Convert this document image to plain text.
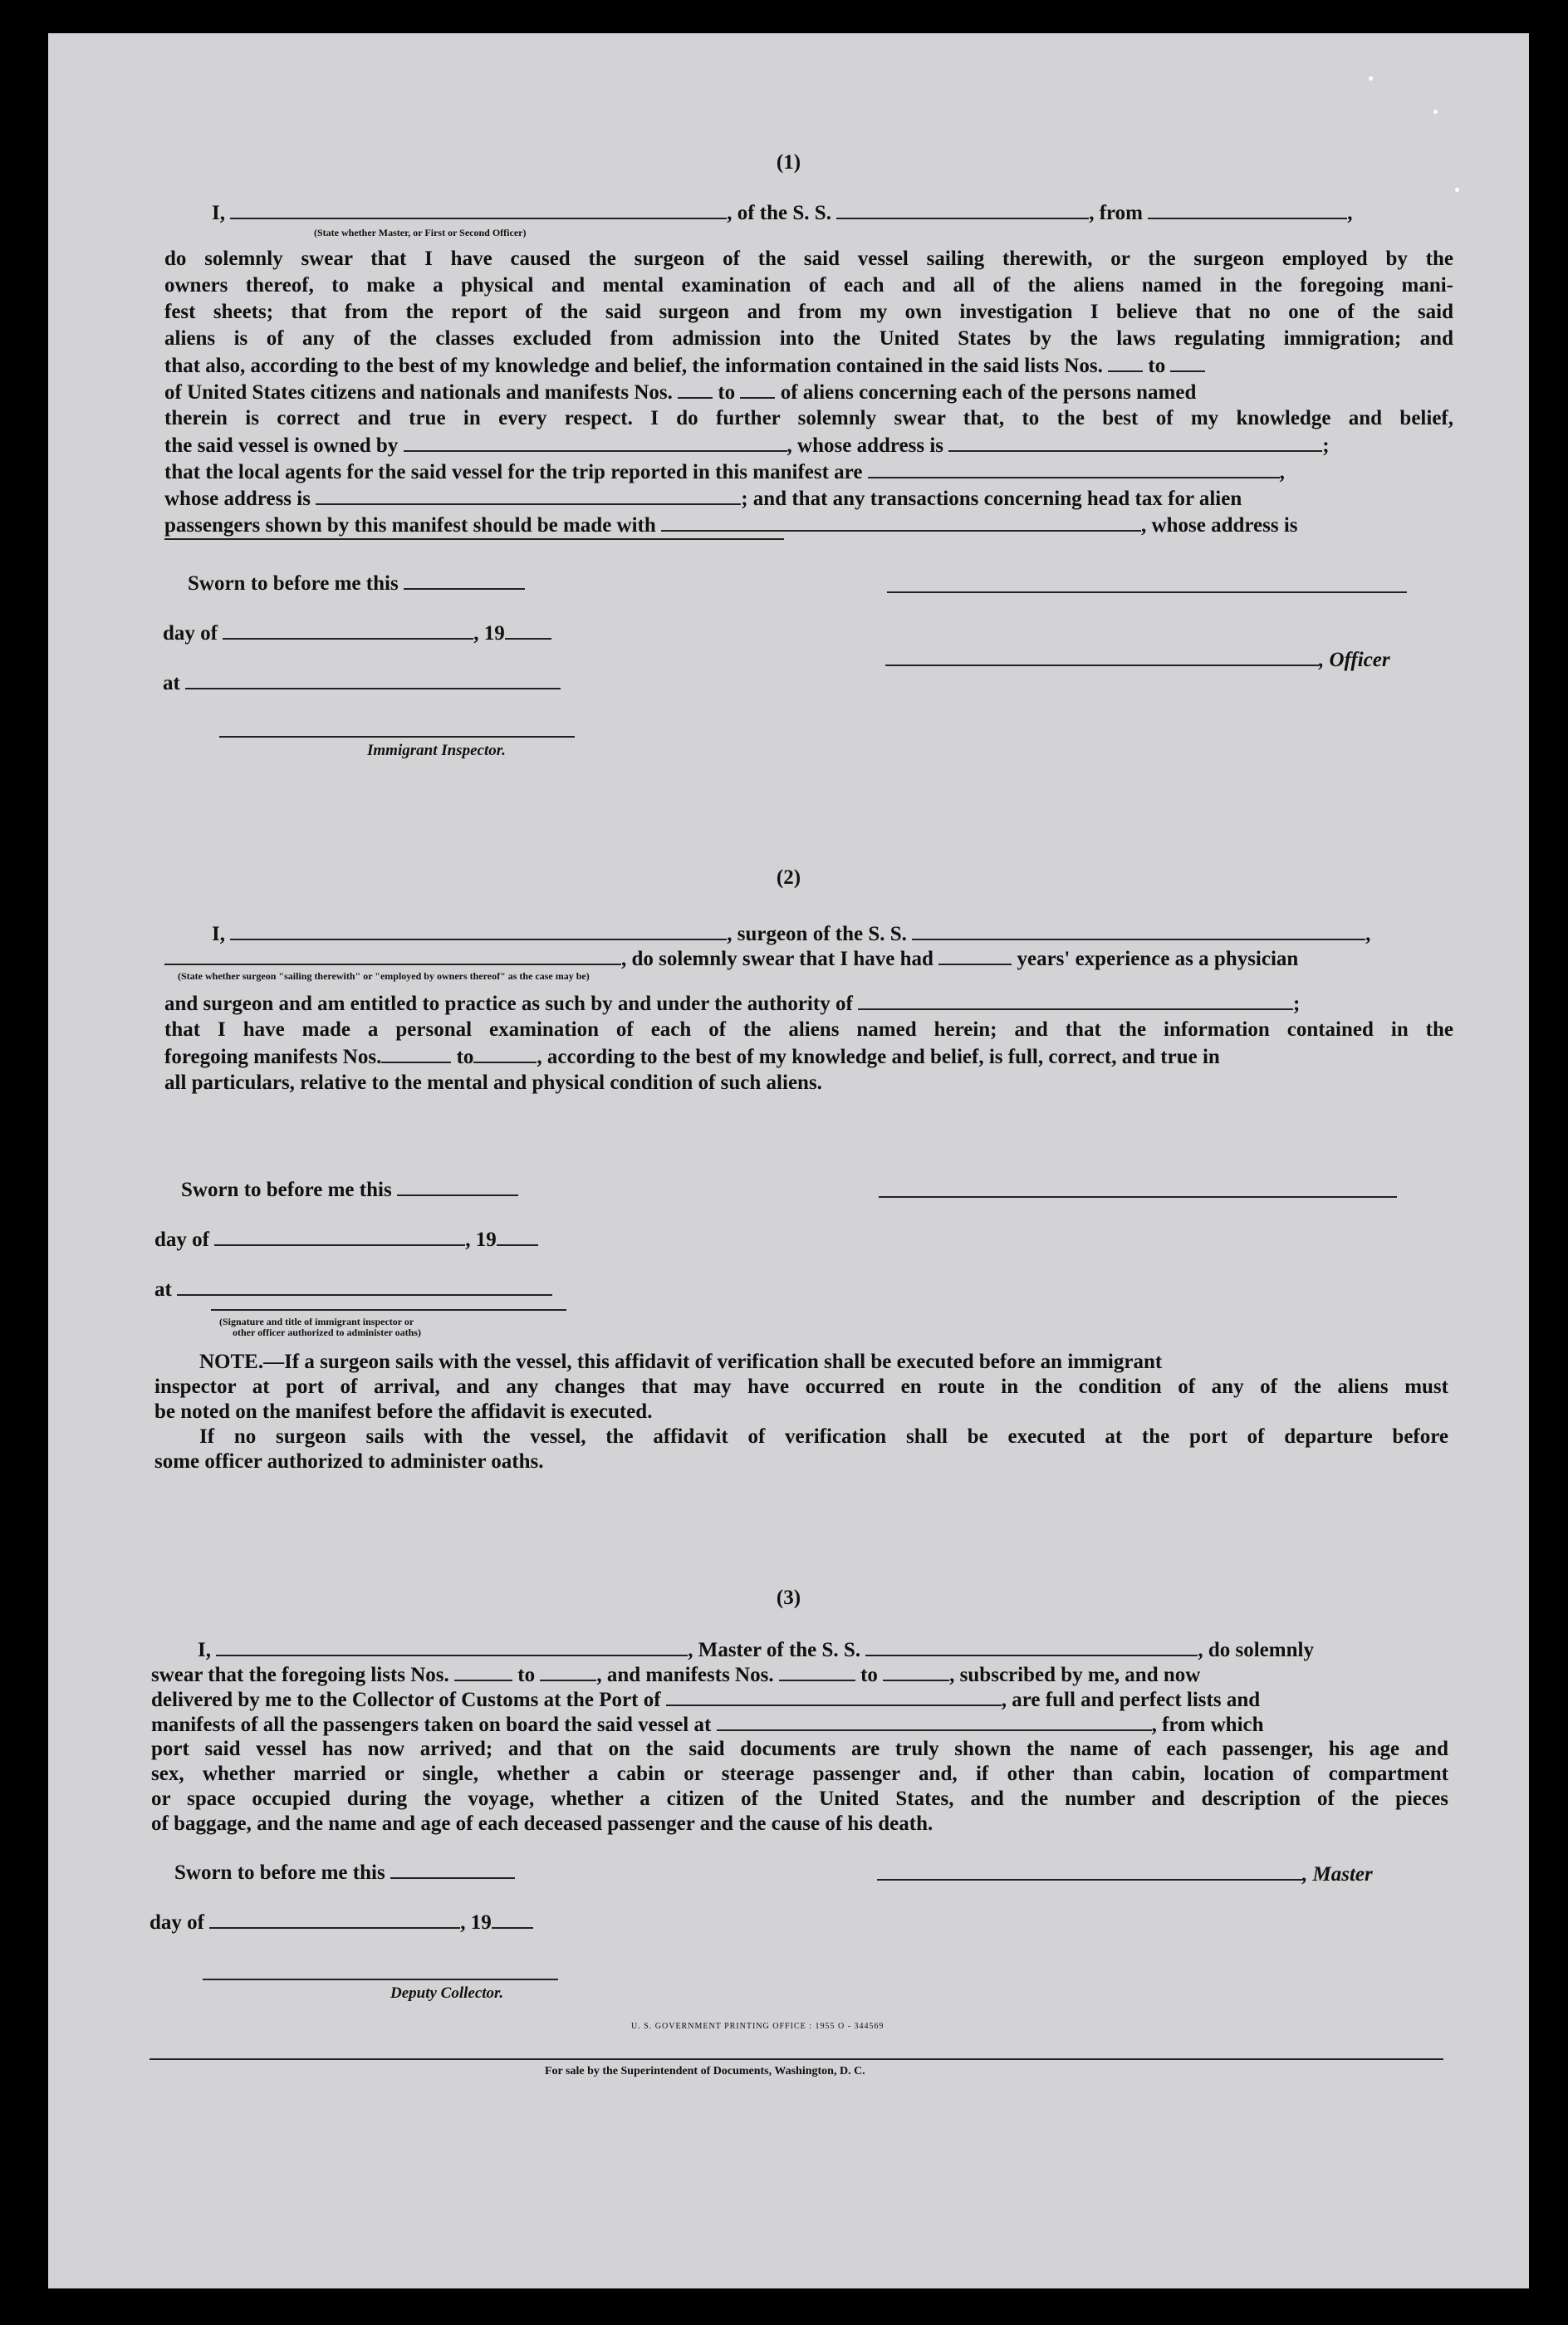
(1)
I,	, of the S. S.	, from	,
(State whether Master, or First or Second Officer)
do solemnly swear that I have caused the surgeon of the said vessel sailing therewith, or the surgeon employed by the
owners thereof, to make a physical and mental examination of each and all of the aliens named in the foregoing mani-
fest sheets; that from the report of the said surgeon and from my own investigation I believe that no one of the said
aliens is of any of the classes excluded from admission into the United States by the laws regulating immigration; and
that also, according to the best of my knowledge and belief, the information contained in the said lists Nos. to
of United States citizens and nationals and manifests Nos. to of aliens concerning each of the persons named
therein is correct and true in every respect. I do further solemnly swear that, to the best of my knowledge and belief,
the said vessel is owned by	, whose address is	;
that the local agents for the said vessel for the trip reported in this manifest are	,
whose address is	; and that any transactions concerning head tax for alien
passengers shown by this manifest should be made with	, whose address is
Sworn to before me this
day of	, 19
, Officer
at
Immigrant Inspector.
(2)
I,	, surgeon of the S. S.	,
, do solemnly swear that I have had	years' experience as a physician
(State whether surgeon "sailing therewith" or "employed by owners thereof" as the case may be)
and surgeon and am entitled to practice as such by and under the authority of	;
that I have made a personal examination of each of the aliens named herein; and that the information contained in the
foregoing manifests Nos.	to	, according to the best of my knowledge and belief, is full, correct, and true in
all particulars, relative to the mental and physical condition of such aliens.
Sworn to before me this
day of	, 19
at
(Signature and title of immigrant inspector or
other officer authorized to administer oaths)
NOTE.—If a surgeon sails with the vessel, this affidavit of verification shall be executed before an immigrant
inspector at port of arrival, and any changes that may have occurred en route in the condition of any of the aliens must
be noted on the manifest before the affidavit is executed.
If no surgeon sails with the vessel, the affidavit of verification shall be executed at the port of departure before
some officer authorized to administer oaths.
(3)
I,	, Master of the S. S.	, do solemnly
swear that the foregoing lists Nos.	to	, and manifests Nos.	to	, subscribed by me, and now
delivered by me to the Collector of Customs at the Port of	, are full and perfect lists and
manifests of all the passengers taken on board the said vessel at	, from which
port said vessel has now arrived; and that on the said documents are truly shown the name of each passenger, his age and
sex, whether married or single, whether a cabin or steerage passenger and, if other than cabin, location of compartment
or space occupied during the voyage, whether a citizen of the United States, and the number and description of the pieces
of baggage, and the name and age of each deceased passenger and the cause of his death.
Sworn to before me this	, Master
day of	, 19
Deputy Collector.
U. S. GOVERNMENT PRINTING OFFICE : 1955 O - 344569
For sale by the Superintendent of Documents, Washington, D. C.
